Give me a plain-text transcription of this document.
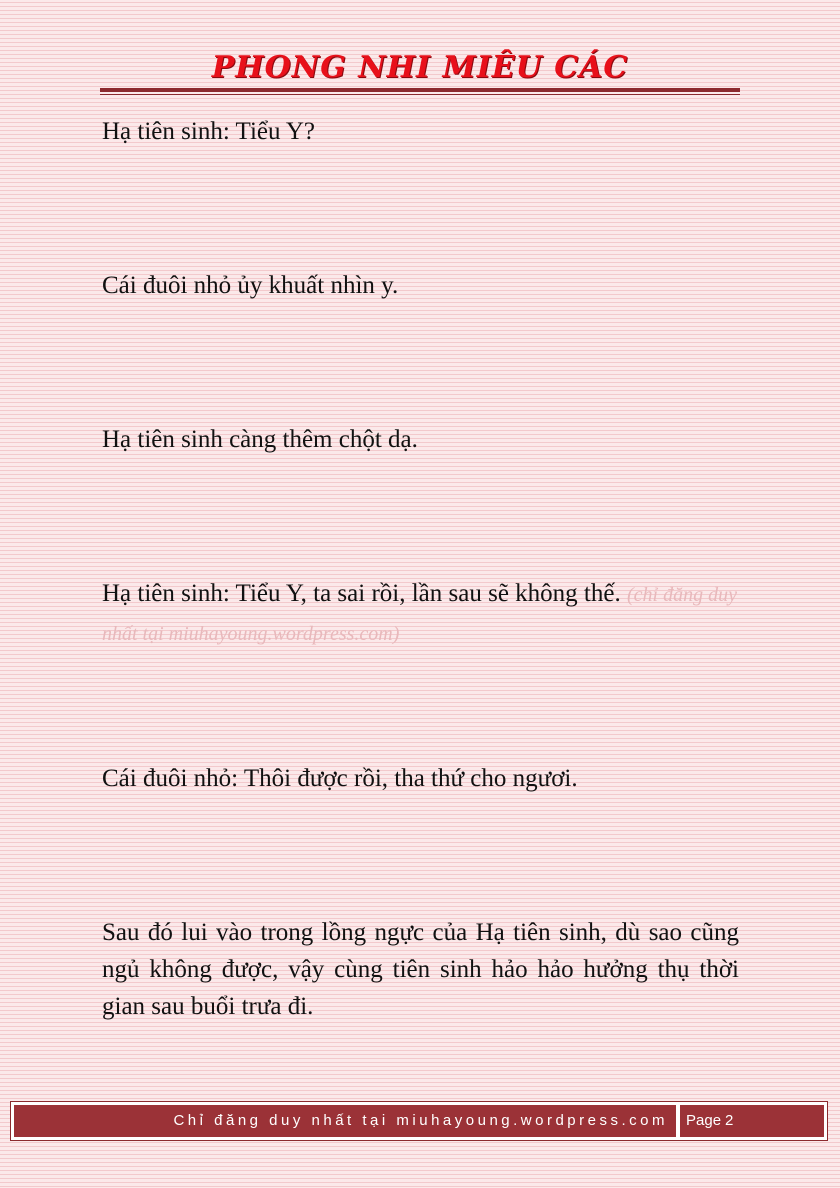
PHONG NHI MIÊU CÁC

Hạ tiên sinh: Tiểu Y?

Cái đuôi nhỏ ủy khuất nhìn y.

Hạ tiên sinh càng thêm chột dạ.

Hạ tiên sinh: Tiểu Y, ta sai rồi, lần sau sẽ không thế. (chỉ đăng duy nhất tại miuhayoung.wordpress.com)

Cái đuôi nhỏ: Thôi được rồi, tha thứ cho ngươi.

Sau đó lui vào trong lồng ngực của Hạ tiên sinh, dù sao cũng ngủ không được, vậy cùng tiên sinh hảo hảo hưởng thụ thời gian sau buổi trưa đi.

Chỉ đăng duy nhất tại miuhayoung.wordpress.com	Page 2
